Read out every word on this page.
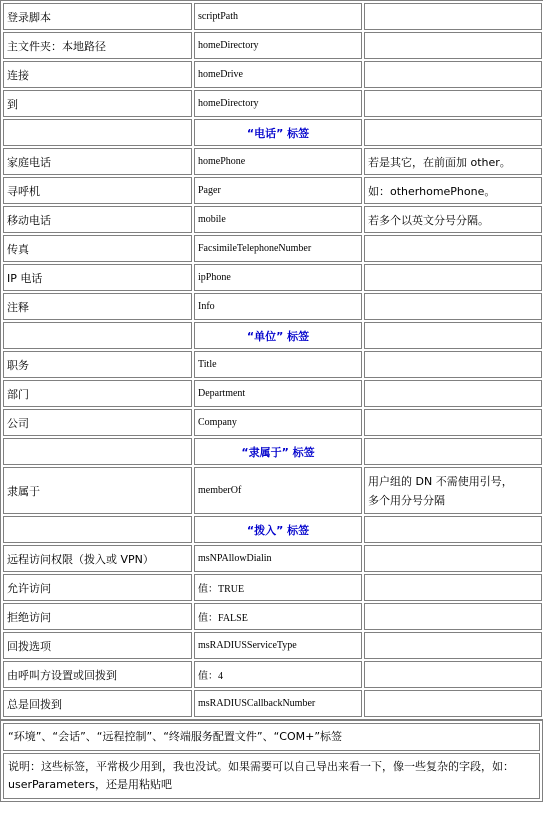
登录脚本	scriptPath	
主文件夹：本地路径	homeDirectory	
连接	homeDrive	
到	homeDirectory	
	“电话” 标签	
家庭电话	homePhone	若是其它，在前面加 other。
寻呼机	Pager	如：otherhomePhone。
移动电话	mobile	若多个以英文分号分隔。
传真	FacsimileTelephoneNumber	
IP 电话	ipPhone	
注释	Info	
	“单位” 标签	
职务	Title	
部门	Department	
公司	Company	
	“隶属于” 标签	
隶属于	memberOf	用户组的 DN 不需使用引号，
多个用分号分隔

	“拨入” 标签	
远程访问权限（拨入或 VPN）	msNPAllowDialin	
允许访问	值：TRUE	
拒绝访问	值：FALSE	
回拨选项	msRADIUSServiceType	
由呼叫方设置或回拨到	值：4	
总是回拨到	msRADIUSCallbackNumber	
“环境”、“会话”、“远程控制”、“终端服务配置文件”、“COM+”标签
说明：这些标签，平常极少用到，我也没试。如果需要可以自己导出来看一下，像一些复杂的字段，如：userParameters，还是用粘贴吧
